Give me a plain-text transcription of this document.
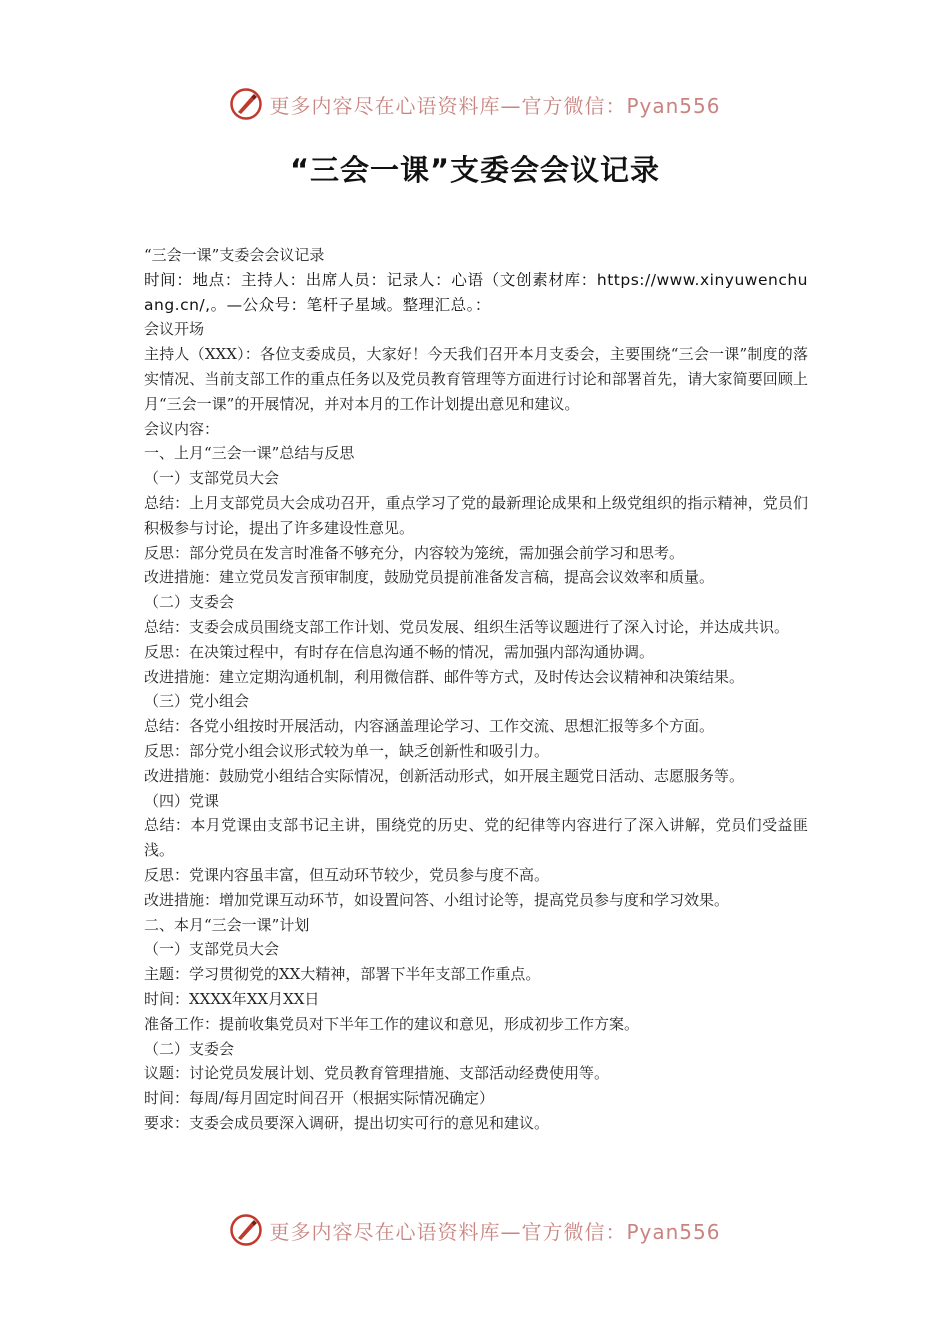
更多内容尽在心语资料库—官方微信：Pyan556
“三会一课”支委会会议记录

“三会一课”支委会会议记录

时间：地点：主持人：出席人员：记录人：心语（文创素材库：https://www.xinyuwenchuang.cn/,。—公众号：笔杆子星域。整理汇总。：

会议开场

主持人（XXX）：各位支委成员，大家好！今天我们召开本月支委会，主要围绕“三会一课”制度的落实情况、当前支部工作的重点任务以及党员教育管理等方面进行讨论和部署首先，请大家简要回顾上月“三会一课”的开展情况，并对本月的工作计划提出意见和建议。

会议内容：

一、上月“三会一课”总结与反思

（一）支部党员大会

总结：上月支部党员大会成功召开，重点学习了党的最新理论成果和上级党组织的指示精神，党员们积极参与讨论，提出了许多建设性意见。

反思：部分党员在发言时准备不够充分，内容较为笼统，需加强会前学习和思考。

改进措施：建立党员发言预审制度，鼓励党员提前准备发言稿，提高会议效率和质量。

（二）支委会

总结：支委会成员围绕支部工作计划、党员发展、组织生活等议题进行了深入讨论，并达成共识。

反思：在决策过程中，有时存在信息沟通不畅的情况，需加强内部沟通协调。

改进措施：建立定期沟通机制，利用微信群、邮件等方式，及时传达会议精神和决策结果。

（三）党小组会

总结：各党小组按时开展活动，内容涵盖理论学习、工作交流、思想汇报等多个方面。

反思：部分党小组会议形式较为单一，缺乏创新性和吸引力。

改进措施：鼓励党小组结合实际情况，创新活动形式，如开展主题党日活动、志愿服务等。

（四）党课

总结：本月党课由支部书记主讲，围绕党的历史、党的纪律等内容进行了深入讲解，党员们受益匪浅。

反思：党课内容虽丰富，但互动环节较少，党员参与度不高。

改进措施：增加党课互动环节，如设置问答、小组讨论等，提高党员参与度和学习效果。

二、本月“三会一课”计划

（一）支部党员大会

主题：学习贯彻党的XX大精神，部署下半年支部工作重点。

时间：XXXX年XX月XX日

准备工作：提前收集党员对下半年工作的建议和意见，形成初步工作方案。

（二）支委会

议题：讨论党员发展计划、党员教育管理措施、支部活动经费使用等。

时间：每周/每月固定时间召开（根据实际情况确定）

要求：支委会成员要深入调研，提出切实可行的意见和建议。

更多内容尽在心语资料库—官方微信：Pyan556
